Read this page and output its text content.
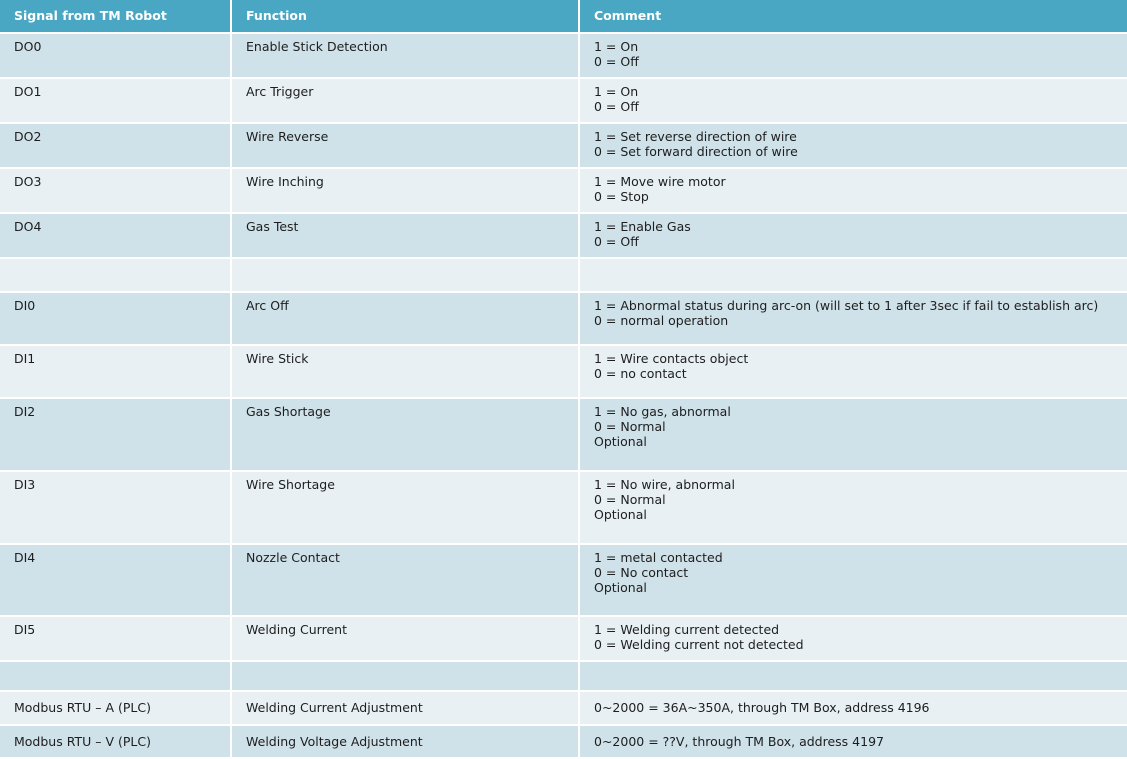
Signal from TM Robot	Function	Comment
DO0	Enable Stick Detection	1 = On
0 = Off

DO1	Arc Trigger	1 = On
0 = Off

DO2	Wire Reverse	1 = Set reverse direction of wire
0 = Set forward direction of wire

DO3	Wire Inching	1 = Move wire motor
0 = Stop

DO4	Gas Test	1 = Enable Gas
0 = Off

DI0	Arc Off	1 = Abnormal status during arc-on (will set to 1 after 3sec if fail to establish arc)
0 = normal operation

DI1	Wire Stick	1 = Wire contacts object
0 = no contact

DI2	Gas Shortage	1 = No gas, abnormal
0 = Normal
Optional

DI3	Wire Shortage	1 = No wire, abnormal
0 = Normal
Optional

DI4	Nozzle Contact	1 = metal contacted
0 = No contact
Optional

DI5	Welding Current	1 = Welding current detected
0 = Welding current not detected

Modbus RTU – A (PLC)	Welding Current Adjustment	0~2000 = 36A~350A, through TM Box, address 4196

Modbus RTU – V (PLC)	Welding Voltage Adjustment	0~2000 = ??V, through TM Box, address 4197
